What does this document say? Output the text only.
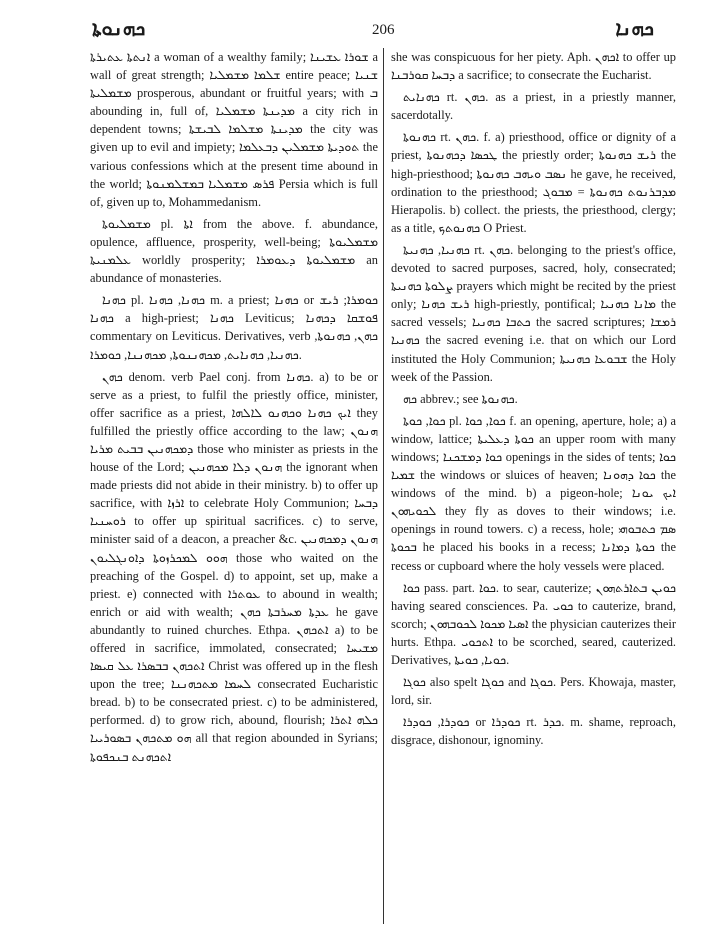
ܟܗܢܘܬܐ	206	ܟܗܢܐ

ܐܢܬܬܐ ܥܬܝܪܬܐ a woman of a wealthy family; ܫܘܪܐ ܥܫܝܢܐ a wall of great strength; ܫܠܡܐ ܡܫܡܠܝܐ entire peace; ܫܢܝܐ ܡܫܡܠܝܬܐ prosperous, abundant or fruitful years; with ܒ abounding in, full of, ܡܕܝܢܬܐ ܡܫܡܠܝܐ a city rich in dependent towns; ܡܕܝܢܬܐ ܡܫܠܡܐ ܠܒܝܫܬܐ the city was given up to evil and impiety; ܬܘܕܝܬܐ ܡܫܡܠܝܢ ܕܒܥܠܡܐ the various confessions which at the present time abound in the world; ܦܪܣ ܡܫܡܠܝܐ ܒܡܫܠܡܢܘܬܐ Persia which is full of, given up to, Mohammedanism.

ܡܫܡܠܝܘܬܐ pl. ܐܬܐ from the above. f. abundance, opulence, affluence, prosperity, well-being; ܡܫܡܠܝܘܬܐ ܥܠܡܢܝܬܐ worldly prosperity; ܡܫܡܠܝܘܬܐ ܕܥܘܡܪܐ an abundance of monasteries.

ܟܗܢܐ pl. ܟܗܢܐ, ܟܗܢܐ m. a priest; ܟܗܢܐ or ܟܘܡܪܐ; ܪܝܫ ܟܗܢܐ a high-priest; ܟܗܢܐ Leviticus; ܦܘܫܩܐ ܕܟܗܢܐ commentary on Leviticus. Derivatives, verb ܟܗܢ, ܟܗܢܘܬܐ, ܟܗܢܝܐ, ܟܗܢܐܝܬ, ܡܟܗܢܢܘܬܐ, ܡܟܗܢܢܐ, ܟܘܡܪܐ.

ܟܗܢ denom. verb Pael conj. from ܟܗܢܐ. a) to be or serve as a priest, to fulfil the priestly office, minister, offer sacrifice as a priest, ܐܝܟ ܟܗܢܐ ܘܟܗܢܘ ܠܐܠܗܐ they fulfilled the priestly office according to the law; ܗܢܘܢ ܕܡܟܗܢܝܢ ܒܒܝܬ ܡܪܝܐ those who minister as priests in the house of the Lord; ܗܢܘܢ ܕܠܐ ܡܟܗܢܝܢ the ignorant when made priests did not abide in their ministry. b) to offer up sacrifice, with ܐܪܙܐ to celebrate Holy Communion; ܕܒܚܐ ܪܘܚܢܝܐ to offer up spiritual sacrifices. c) to serve, minister said of a deacon, a preacher &c. ܗܢܘܢ ܕܡܟܗܢܝܢ ܗܘܘ ܠܡܟܪܙܘܬܐ ܕܐܘܢܓܠܝܘܢ those who waited on the preaching of the Gospel. d) to appoint, set up, make a priest. e) connected with ܥܘܬܪܐ to abound in wealth; enrich or aid with wealth; ܥܕܬܐ ܡܚܪܒܬܐ ܟܗܢ he gave abundantly to ruined churches. Ethpa. ܐܬܟܗܢ a) to be offered in sacrifice, immolated, consecrated; ܡܫܝܚܐ ܐܬܟܗܢ ܒܒܣܪܐ ܥܠ ܩܝܣܐ Christ was offered up in the flesh upon the tree; ܠܚܡܐ ܡܬܟܗܢܢܐ consecrated Eucharistic bread. b) to be consecrated priest. c) to be administered, performed. d) to grow rich, abound, flourish; ܟܠܗ ܐܬܪܐ ܗܘ ܡܬܟܗܢ ܒܣܘܪܝܝܐ all that region abounded in Syrians; ܐܬܟܗܢܬ ܒܢܟܦܘܬܐ

she was conspicuous for her piety. Aph. ܐܟܗܢ to offer up ܕܒܚܐ ܩܘܪܒܢܐ a sacrifice; to consecrate the Eucharist.

ܟܗܢܐܝܬ rt. ܟܗܢ. as a priest, in a priestly manner, sacerdotally.

ܟܗܢܘܬܐ rt. ܟܗܢ. f. a) priesthood, office or dignity of a priest, ܛܟܣܐ ܕܟܗܢܘܬܐ the priestly order; ܪܝܫ ܟܗܢܘܬܐ the high-priesthood; ܢܣܒ ܘܝܗܒ ܟܗܢܘܬܐ he gave, he received, ordination to the priesthood; ܡܕܒܪܢܘܬ ܟܗܢܘܬܐ = ܡܒܘܓ Hierapolis. b) collect. the priests, the priesthood, clergy; as a title, ܟܗܢܘܬܟ O Priest.

ܟܗܢܝܐ, ܟܗܢܝܬܐ rt. ܟܗܢ. belonging to the priest's office, devoted to sacred purposes, sacred, holy, consecrated; ܨܠܘܬܐ ܟܗܢܝܬܐ prayers which might be recited by the priest only; ܪܝܫ ܟܗܢܐ high-priestly, pontifical; ܡܐܢܐ ܟܗܢܝܐ the sacred vessels; ܟܬܒܐ ܟܗܢܝܐ the sacred scriptures; ܪܡܫܐ ܟܗܢܝܐ the sacred evening i.e. that on which our Lord instituted the Holy Communion; ܫܒܘܥܐ ܟܗܢܝܬܐ the Holy week of the Passion.

ܟܗ abbrev.; see ܟܗܢܘܬܐ.

ܟܘܐ, ܟܘܬܐ pl. ܟܘܐ, ܟܘܐ f. an opening, aperture, hole; a) a window, lattice; ܟܘܬܐ ܕܥܠܝܬܐ an upper room with many windows; ܟܘܐ ܕܡܫܟܢܐ openings in the sides of tents; ܟܘܐ ܫܡܝܐ the windows or sluices of heaven; ܟܘܐ ܕܗܘܢܐ the windows of the mind. b) a pigeon-hole; ܐܝܟ ܝܘܢܐ ܠܟܘܝܗܘܢ they fly as doves to their windows; i.e. openings in round towers. c) a recess, hole; ܣܡ ܟܬܒܘܗܝ ܒܟܘܬܐ he placed his books in a recess; ܟܘܬܐ ܕܡܐܢܐ the recess or cupboard where the holy vessels were placed.

ܟܘܐ pass. part. ܟܘܐ. to sear, cauterize; ܟܘܝܢ ܒܬܐܪܬܗܘܢ having seared consciences. Pa. ܟܘܝ to cauterize, brand, scorch; ܐܣܝܐ ܡܟܘܐ ܠܟܘܒܗܘܢ the physician cauterizes their hurts. Ethpa. ܐܬܟܘܝ to be scorched, seared, cauterized. Derivatives, ܟܘܝܐ, ܟܘܝܬܐ.

ܟܘܓܐ also spelt ܟܘܓܐ and ܟܘܓܐ. Pers. Khowaja, master, lord, sir.

ܟܘܕܪܐ, ܟܘܕܪܐ or ܟܘܕܪܐ rt. ܟܕܪ. m. shame, reproach, disgrace, dishonour, ignominy.
